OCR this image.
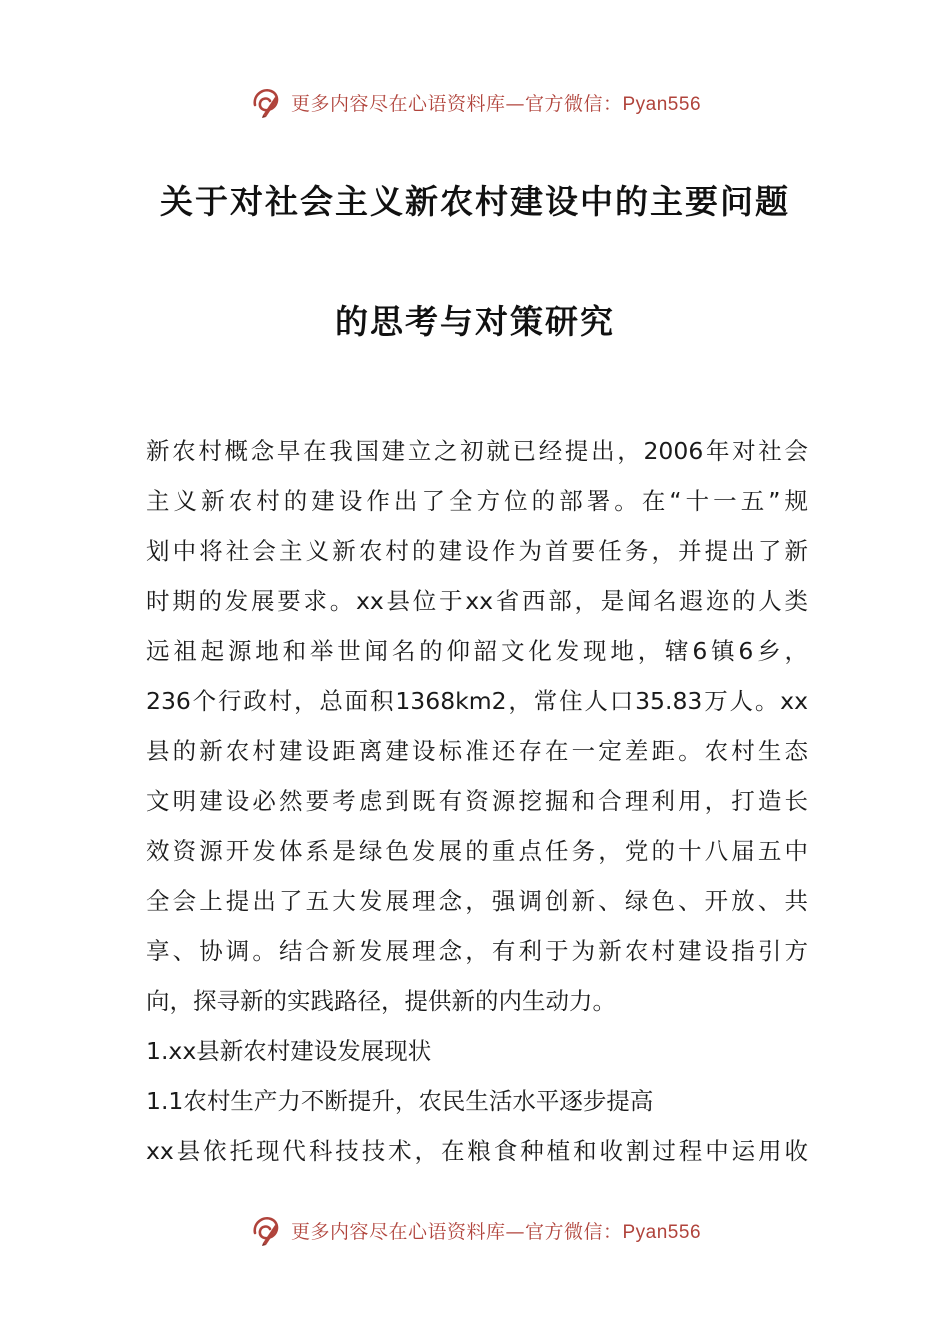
更多内容尽在心语资料库—官方微信：Pyan556
关于对社会主义新农村建设中的主要问题
的思考与对策研究
新农村概念早在我国建立之初就已经提出，2006年对社会
主义新农村的建设作出了全方位的部署。在“十一五”规
划中将社会主义新农村的建设作为首要任务，并提出了新
时期的发展要求。xx县位于xx省西部，是闻名遐迩的人类
远祖起源地和举世闻名的仰韶文化发现地，辖6镇6乡，
236个行政村，总面积1368km2，常住人口35.83万人。xx
县的新农村建设距离建设标准还存在一定差距。农村生态
文明建设必然要考虑到既有资源挖掘和合理利用，打造长
效资源开发体系是绿色发展的重点任务，党的十八届五中
全会上提出了五大发展理念，强调创新、绿色、开放、共
享、协调。结合新发展理念，有利于为新农村建设指引方
向，探寻新的实践路径，提供新的内生动力。
1.xx县新农村建设发展现状
1.1农村生产力不断提升，农民生活水平逐步提高
xx县依托现代科技技术，在粮食种植和收割过程中运用收
更多内容尽在心语资料库—官方微信：Pyan556
